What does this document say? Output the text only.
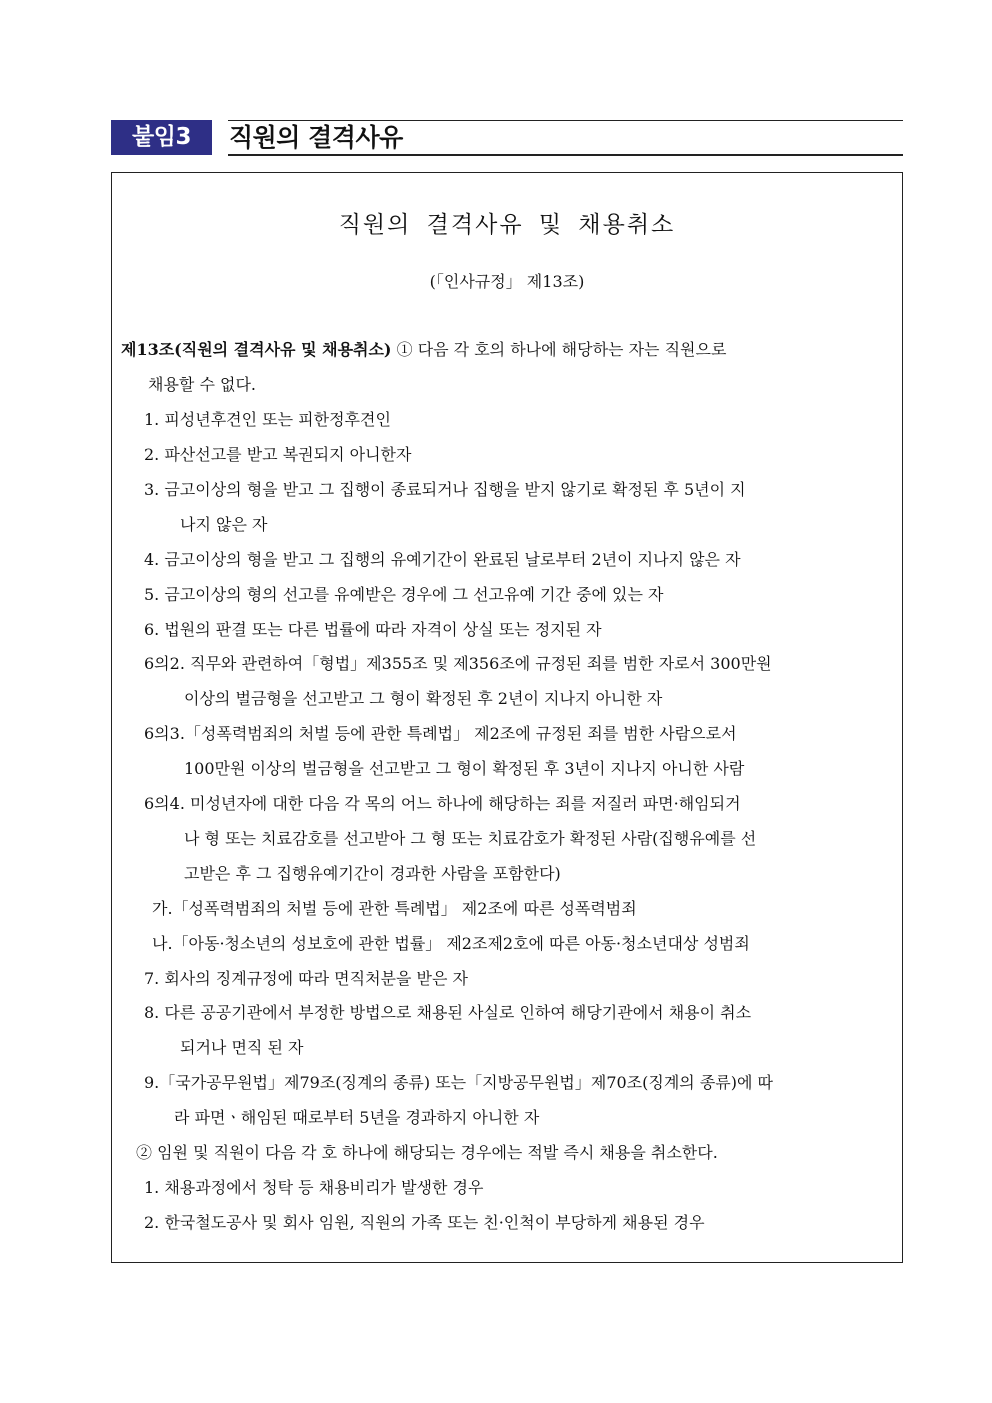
붙임3	직원의 결격사유
직원의 결격사유 및 채용취소
(「인사규정」 제13조)
제13조(직원의 결격사유 및 채용취소) ① 다음 각 호의 하나에 해당하는 자는 직원으로
채용할 수 없다.
1. 피성년후견인 또는 피한정후견인
2. 파산선고를 받고 복권되지 아니한자
3. 금고이상의 형을 받고 그 집행이 종료되거나 집행을 받지 않기로 확정된 후 5년이 지
나지 않은 자
4. 금고이상의 형을 받고 그 집행의 유예기간이 완료된 날로부터 2년이 지나지 않은 자
5. 금고이상의 형의 선고를 유예받은 경우에 그 선고유예 기간 중에 있는 자
6. 법원의 판결 또는 다른 법률에 따라 자격이 상실 또는 정지된 자
6의2. 직무와 관련하여「형법」제355조 및 제356조에 규정된 죄를 범한 자로서 300만원
이상의 벌금형을 선고받고 그 형이 확정된 후 2년이 지나지 아니한 자
6의3.「성폭력범죄의 처벌 등에 관한 특례법」 제2조에 규정된 죄를 범한 사람으로서
100만원 이상의 벌금형을 선고받고 그 형이 확정된 후 3년이 지나지 아니한 사람
6의4. 미성년자에 대한 다음 각 목의 어느 하나에 해당하는 죄를 저질러 파면·해임되거
나 형 또는 치료감호를 선고받아 그 형 또는 치료감호가 확정된 사람(집행유예를 선
고받은 후 그 집행유예기간이 경과한 사람을 포함한다)
가.「성폭력범죄의 처벌 등에 관한 특례법」 제2조에 따른 성폭력범죄
나.「아동·청소년의 성보호에 관한 법률」 제2조제2호에 따른 아동·청소년대상 성범죄
7. 회사의 징계규정에 따라 면직처분을 받은 자
8. 다른 공공기관에서 부정한 방법으로 채용된 사실로 인하여 해당기관에서 채용이 취소
되거나 면직 된 자
9.「국가공무원법」제79조(징계의 종류) 또는「지방공무원법」제70조(징계의 종류)에 따
라 파면ㆍ해임된 때로부터 5년을 경과하지 아니한 자
② 임원 및 직원이 다음 각 호 하나에 해당되는 경우에는 적발 즉시 채용을 취소한다.
1. 채용과정에서 청탁 등 채용비리가 발생한 경우
2. 한국철도공사 및 회사 임원, 직원의 가족 또는 친·인척이 부당하게 채용된 경우
